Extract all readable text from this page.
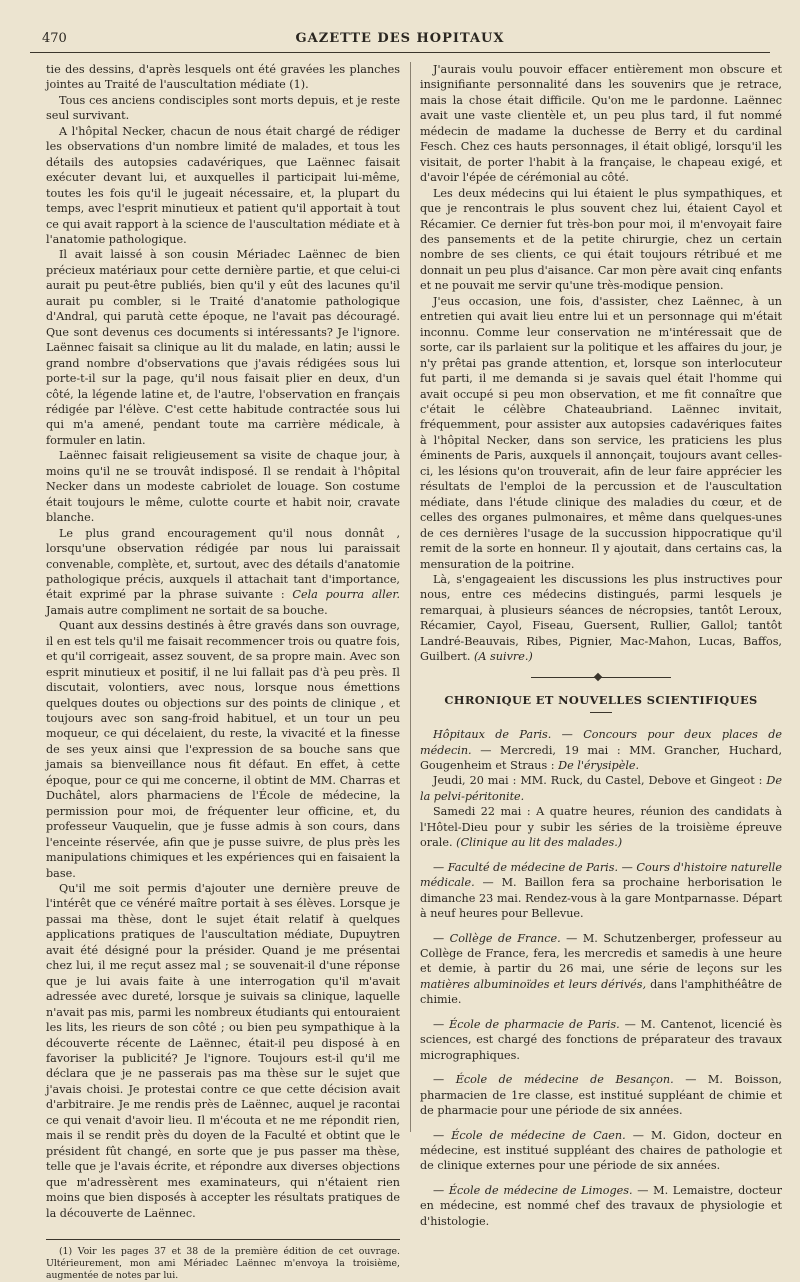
470	GAZETTE DES HOPITAUX

tie des dessins, d'après lesquels ont été gravées les planches jointes au Traité de l'auscultation médiate (1).

Tous ces anciens condisciples sont morts depuis, et je reste seul survivant.

A l'hôpital Necker, chacun de nous était chargé de rédiger les observations d'un nombre limité de malades, et tous les détails des autopsies cadavériques, que Laënnec faisait exécuter devant lui, et auxquelles il participait lui-même, toutes les fois qu'il le jugeait nécessaire, et, la plupart du temps, avec l'esprit minutieux et patient qu'il apportait à tout ce qui avait rapport à la science de l'auscultation médiate et à l'anatomie pathologique.

Il avait laissé à son cousin Mériadec Laënnec de bien précieux matériaux pour cette dernière partie, et que celui-ci aurait pu peut-être publiés, bien qu'il y eût des lacunes qu'il aurait pu combler, si le Traité d'anatomie pathologique d'Andral, qui parutà cette époque, ne l'avait pas découragé. Que sont devenus ces documents si intéressants? Je l'ignore. Laënnec faisait sa clinique au lit du malade, en latin; aussi le grand nombre d'observations que j'avais rédigées sous lui porte-t-il sur la page, qu'il nous faisait plier en deux, d'un côté, la légende latine et, de l'autre, l'observation en français rédigée par l'élève. C'est cette habitude contractée sous lui qui m'a amené, pendant toute ma carrière médicale, à formuler en latin.

Laënnec faisait religieusement sa visite de chaque jour, à moins qu'il ne se trouvât indisposé. Il se rendait à l'hôpital Necker dans un modeste cabriolet de louage. Son costume était toujours le même, culotte courte et habit noir, cravate blanche.

Le plus grand encouragement qu'il nous donnât , lorsqu'une observation rédigée par nous lui paraissait convenable, complète, et, surtout, avec des détails d'anatomie pathologique précis, auxquels il attachait tant d'importance, était exprimé par la phrase suivante : Cela pourra aller. Jamais autre compliment ne sortait de sa bouche.

Quant aux dessins destinés à être gravés dans son ouvrage, il en est tels qu'il me faisait recommencer trois ou quatre fois, et qu'il corrigeait, assez souvent, de sa propre main. Avec son esprit minutieux et positif, il ne lui fallait pas d'à peu près. Il discutait, volontiers, avec nous, lorsque nous émettions quelques doutes ou objections sur des points de clinique , et toujours avec son sang-froid habituel, et un tour un peu moqueur, ce qui décelaient, du reste, la vivacité et la finesse de ses yeux ainsi que l'expression de sa bouche sans que jamais sa bienveillance nous fit défaut. En effet, à cette époque, pour ce qui me concerne, il obtint de MM. Charras et Duchâtel, alors pharmaciens de l'École de médecine, la permission pour moi, de fréquenter leur officine, et, du professeur Vauquelin, que je fusse admis à son cours, dans l'enceinte réservée, afin que je pusse suivre, de plus près les manipulations chimiques et les expériences qui en faisaient la base.

Qu'il me soit permis d'ajouter une dernière preuve de l'intérêt que ce vénéré maître portait à ses élèves. Lorsque je passai ma thèse, dont le sujet était relatif à quelques applications pratiques de l'auscultation médiate, Dupuytren avait été désigné pour la présider. Quand je me présentai chez lui, il me reçut assez mal ; se souvenait-il d'une réponse que je lui avais faite à une interrogation qu'il m'avait adressée avec dureté, lorsque je suivais sa clinique, laquelle n'avait pas mis, parmi les nombreux étudiants qui entouraient les lits, les rieurs de son côté ; ou bien peu sympathique à la découverte récente de Laënnec, était-il peu disposé à en favoriser la publicité? Je l'ignore. Toujours est-il qu'il me déclara que je ne passerais pas ma thèse sur le sujet que j'avais choisi. Je protestai contre ce que cette décision avait d'arbitraire. Je me rendis près de Laënnec, auquel je racontai ce qui venait d'avoir lieu. Il m'écouta et ne me répondit rien, mais il se rendit près du doyen de la Faculté et obtint que le président fût changé, en sorte que je pus passer ma thèse, telle que je l'avais écrite, et répondre aux diverses objections que m'adressèrent mes examinateurs, qui n'étaient rien moins que bien disposés à accepter les résultats pratiques de la découverte de Laënnec.

(1) Voir les pages 37 et 38 de la première édition de cet ouvrage. Ultérieurement, mon ami Mériadec Laënnec m'envoya la troisième, augmentée de notes par lui.

J'aurais voulu pouvoir effacer entièrement mon obscure et insignifiante personnalité dans les souvenirs que je retrace, mais la chose était difficile. Qu'on me le pardonne. Laënnec avait une vaste clientèle et, un peu plus tard, il fut nommé médecin de madame la duchesse de Berry et du cardinal Fesch. Chez ces hauts personnages, il était obligé, lorsqu'il les visitait, de porter l'habit à la française, le chapeau exigé, et d'avoir l'épée de cérémonial au côté.

Les deux médecins qui lui étaient le plus sympathiques, et que je rencontrais le plus souvent chez lui, étaient Cayol et Récamier. Ce dernier fut très-bon pour moi, il m'envoyait faire des pansements et de la petite chirurgie, chez un certain nombre de ses clients, ce qui était toujours rétribué et me donnait un peu plus d'aisance. Car mon père avait cinq enfants et ne pouvait me servir qu'une très-modique pension.

J'eus occasion, une fois, d'assister, chez Laënnec, à un entretien qui avait lieu entre lui et un personnage qui m'était inconnu. Comme leur conservation ne m'intéressait que de sorte, car ils parlaient sur la politique et les affaires du jour, je n'y prêtai pas grande attention, et, lorsque son interlocuteur fut parti, il me demanda si je savais quel était l'homme qui avait occupé si peu mon observation, et me fit connaître que c'était le célèbre Chateaubriand. Laënnec invitait, fréquemment, pour assister aux autopsies cadavériques faites à l'hôpital Necker, dans son service, les praticiens les plus éminents de Paris, auxquels il annonçait, toujours avant celles-ci, les lésions qu'on trouverait, afin de leur faire apprécier les résultats de l'emploi de la percussion et de l'auscultation médiate, dans l'étude clinique des maladies du cœur, et de celles des organes pulmonaires, et même dans quelques-unes de ces dernières l'usage de la succussion hippocratique qu'il remit de la sorte en honneur. Il y ajoutait, dans certains cas, la mensuration de la poitrine.

Là, s'engageaient les discussions les plus instructives pour nous, entre ces médecins distingués, parmi lesquels je remarquai, à plusieurs séances de nécropsies, tantôt Leroux, Récamier, Cayol, Fiseau, Guersent, Rullier, Gallol; tantôt Landré-Beauvais, Ribes, Pignier, Mac-Mahon, Lucas, Baffos, Guilbert. (A suivre.)

CHRONIQUE ET NOUVELLES SCIENTIFIQUES

Hôpitaux de Paris. — Concours pour deux places de médecin. — Mercredi, 19 mai : MM. Grancher, Huchard, Gougenheim et Straus : De l'érysipèle.

Jeudi, 20 mai : MM. Ruck, du Castel, Debove et Gingeot : De la pelvi-péritonite.

Samedi 22 mai : A quatre heures, réunion des candidats à l'Hôtel-Dieu pour y subir les séries de la troisième épreuve orale. (Clinique au lit des malades.)

— Faculté de médecine de Paris. — Cours d'histoire naturelle médicale. — M. Baillon fera sa prochaine herborisation le dimanche 23 mai. Rendez-vous à la gare Montparnasse. Départ à neuf heures pour Bellevue.

— Collège de France. — M. Schutzenberger, professeur au Collège de France, fera, les mercredis et samedis à une heure et demie, à partir du 26 mai, une série de leçons sur les matières albuminoïdes et leurs dérivés, dans l'amphithéâtre de chimie.

— École de pharmacie de Paris. — M. Cantenot, licencié ès sciences, est chargé des fonctions de préparateur des travaux micrographiques.

— École de médecine de Besançon. — M. Boisson, pharmacien de 1re classe, est institué suppléant de chimie et de pharmacie pour une période de six années.

— École de médecine de Caen. — M. Gidon, docteur en médecine, est institué suppléant des chaires de pathologie et de clinique externes pour une période de six années.

— École de médecine de Limoges. — M. Lemaistre, docteur en médecine, est nommé chef des travaux de physiologie et d'histologie.
